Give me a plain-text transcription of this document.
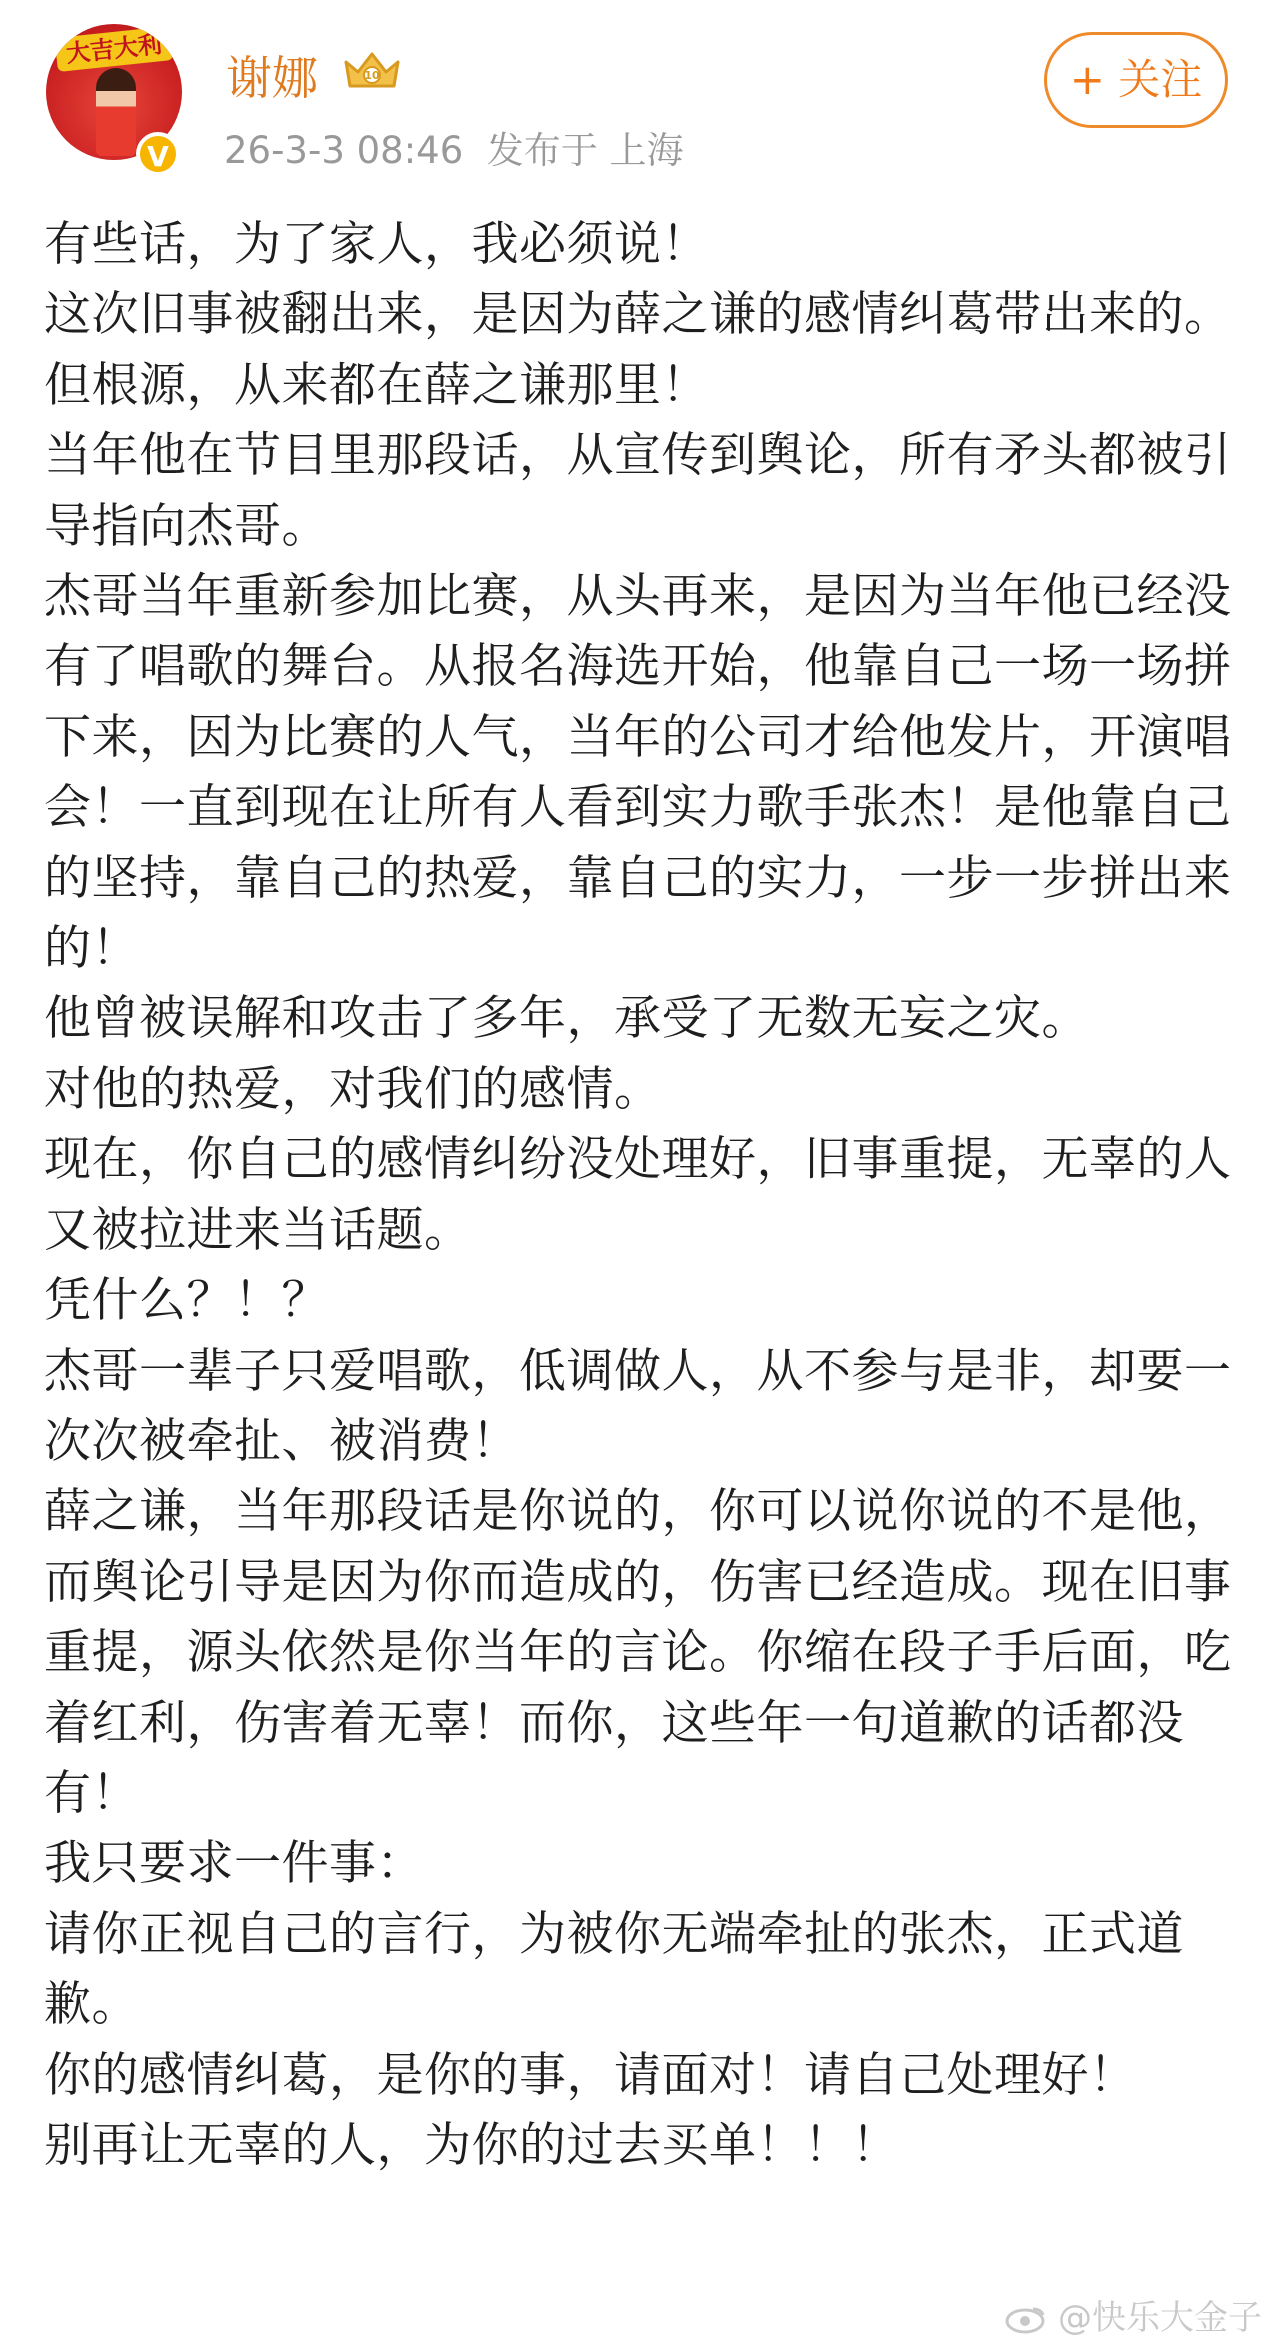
大吉大利
V
谢娜	10
26-3-3 08:46 发布于 上海
+ 关注
有些话，为了家人，我必须说！
这次旧事被翻出来，是因为薛之谦的感情纠葛带出来的。
但根源，从来都在薛之谦那里！
当年他在节目里那段话，从宣传到舆论，所有矛头都被引导指向杰哥。
杰哥当年重新参加比赛，从头再来，是因为当年他已经没有了唱歌的舞台。从报名海选开始，他靠自己一场一场拼下来，因为比赛的人气，当年的公司才给他发片，开演唱会！一直到现在让所有人看到实力歌手张杰！是他靠自己的坚持，靠自己的热爱，靠自己的实力，一步一步拼出来的！
他曾被误解和攻击了多年，承受了无数无妄之灾。
对他的热爱，对我们的感情。
现在，你自己的感情纠纷没处理好，旧事重提，无辜的人又被拉进来当话题。
凭什么？！？
杰哥一辈子只爱唱歌，低调做人，从不参与是非，却要一次次被牵扯、被消费！
薛之谦，当年那段话是你说的，你可以说你说的不是他，而舆论引导是因为你而造成的，伤害已经造成。现在旧事重提，源头依然是你当年的言论。你缩在段子手后面，吃着红利，伤害着无辜！而你，这些年一句道歉的话都没有！
我只要求一件事：
请你正视自己的言行，为被你无端牵扯的张杰，正式道歉。
你的感情纠葛，是你的事，请面对！请自己处理好！
别再让无辜的人，为你的过去买单！！！
@快乐大金子
